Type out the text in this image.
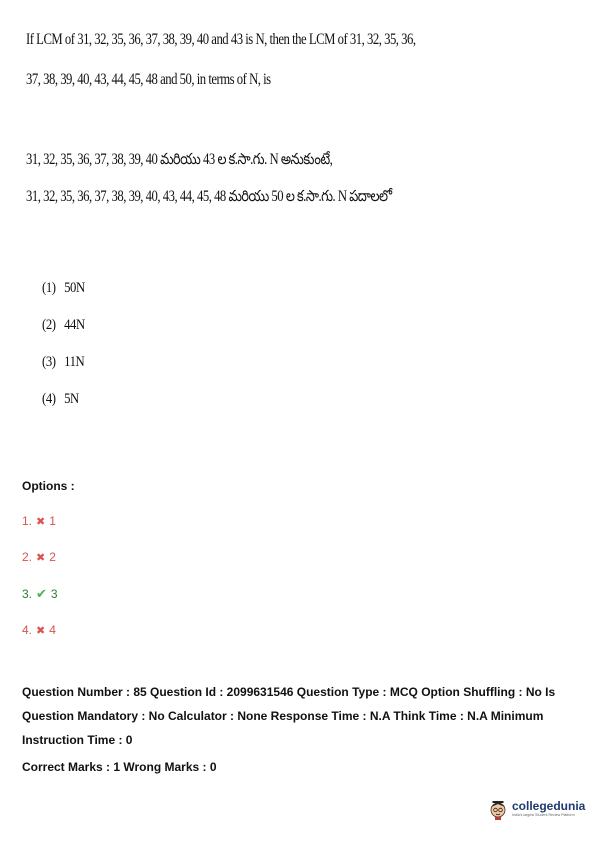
If LCM of 31, 32, 35, 36, 37, 38, 39, 40 and 43 is N, then the LCM of 31, 32, 35, 36,
37, 38, 39, 40, 43, 44, 45, 48 and 50, in terms of N, is
31, 32, 35, 36, 37, 38, 39, 40 మరియు 43 ల క.సా.గు. N అనుకుంటే,
31, 32, 35, 36, 37, 38, 39, 40, 43, 44, 45, 48 మరియు 50 ల క.సా.గు. N పదాలలో
(1) 50N
(2) 44N
(3) 11N
(4) 5N
Options :
1. ✖ 1
2. ✖ 2
3. ✔ 3
4. ✖ 4
Question Number : 85 Question Id : 2099631546 Question Type : MCQ Option Shuffling : No Is
Question Mandatory : No Calculator : None Response Time : N.A Think Time : N.A Minimum
Instruction Time : 0
Correct Marks : 1 Wrong Marks : 0
collegedunia
India's largest Student Review Platform
